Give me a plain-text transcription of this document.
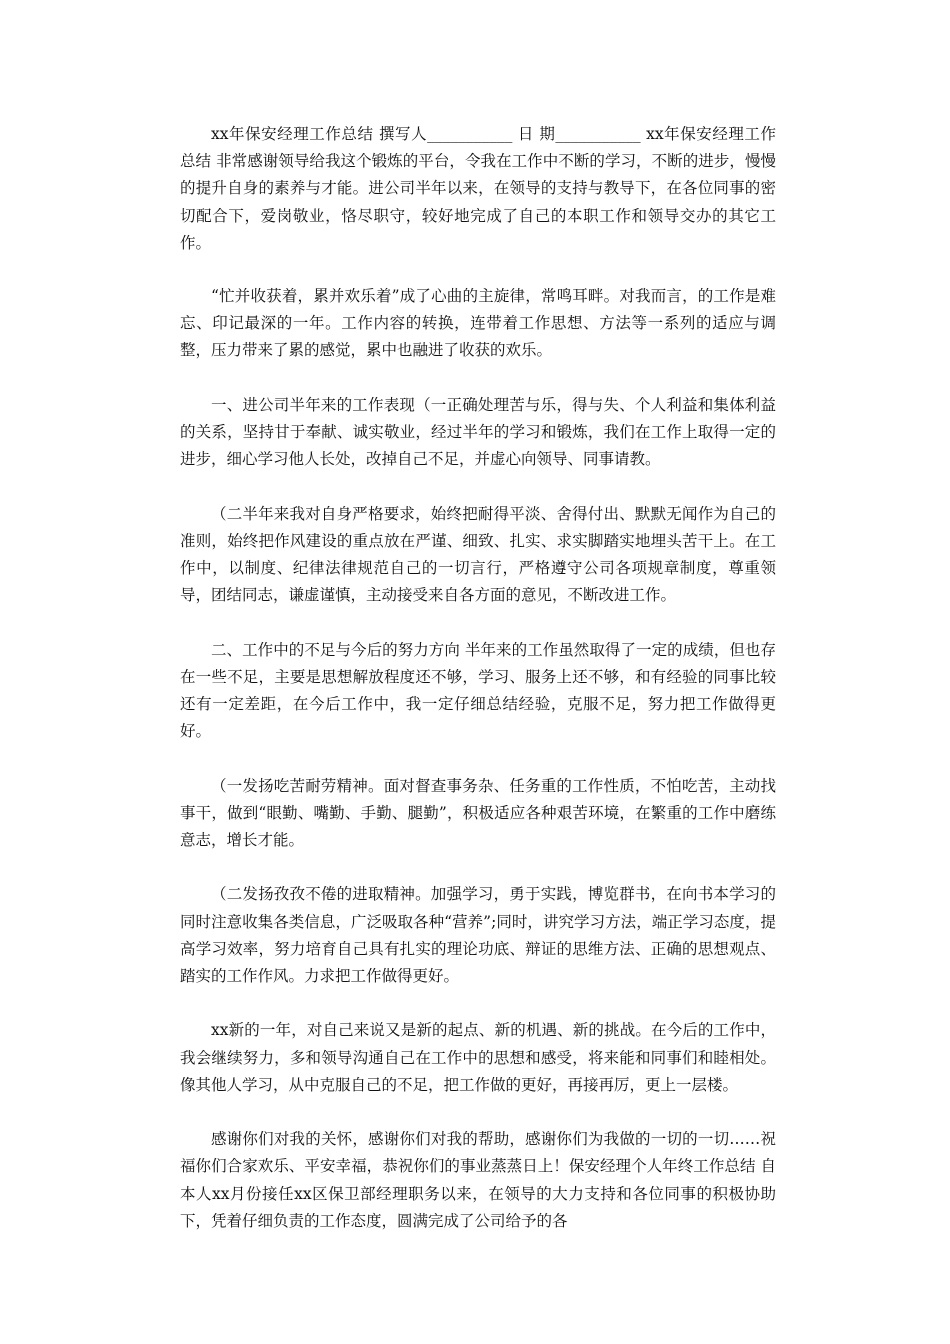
xx年保安经理工作总结 撰写人___________ 日 期___________ xx年保安经理工作总结 非常感谢领导给我这个锻炼的平台，令我在工作中不断的学习，不断的进步，慢慢的提升自身的素养与才能。进公司半年以来，在领导的支持与教导下，在各位同事的密切配合下，爱岗敬业，恪尽职守，较好地完成了自己的本职工作和领导交办的其它工作。

“忙并收获着，累并欢乐着”成了心曲的主旋律，常鸣耳畔。对我而言，的工作是难忘、印记最深的一年。工作内容的转换，连带着工作思想、方法等一系列的适应与调整，压力带来了累的感觉，累中也融进了收获的欢乐。

一、进公司半年来的工作表现（一正确处理苦与乐，得与失、个人利益和集体利益的关系，坚持甘于奉献、诚实敬业，经过半年的学习和锻炼，我们在工作上取得一定的进步，细心学习他人长处，改掉自己不足，并虚心向领导、同事请教。

（二半年来我对自身严格要求，始终把耐得平淡、舍得付出、默默无闻作为自己的准则，始终把作风建设的重点放在严谨、细致、扎实、求实脚踏实地埋头苦干上。在工作中，以制度、纪律法律规范自己的一切言行，严格遵守公司各项规章制度，尊重领导，团结同志，谦虚谨慎，主动接受来自各方面的意见，不断改进工作。

二、工作中的不足与今后的努力方向 半年来的工作虽然取得了一定的成绩，但也存在一些不足，主要是思想解放程度还不够，学习、服务上还不够，和有经验的同事比较还有一定差距，在今后工作中，我一定仔细总结经验，克服不足，努力把工作做得更好。

（一发扬吃苦耐劳精神。面对督查事务杂、任务重的工作性质，不怕吃苦，主动找事干，做到“眼勤、嘴勤、手勤、腿勤”，积极适应各种艰苦环境，在繁重的工作中磨练意志，增长才能。

（二发扬孜孜不倦的进取精神。加强学习，勇于实践，博览群书，在向书本学习的同时注意收集各类信息，广泛吸取各种“营养”;同时，讲究学习方法，端正学习态度，提高学习效率，努力培育自己具有扎实的理论功底、辩证的思维方法、正确的思想观点、踏实的工作作风。力求把工作做得更好。

xx新的一年，对自己来说又是新的起点、新的机遇、新的挑战。在今后的工作中，我会继续努力，多和领导沟通自己在工作中的思想和感受，将来能和同事们和睦相处。像其他人学习，从中克服自己的不足，把工作做的更好，再接再厉，更上一层楼。

感谢你们对我的关怀，感谢你们对我的帮助，感谢你们为我做的一切的一切……祝福你们合家欢乐、平安幸福，恭祝你们的事业蒸蒸日上！保安经理个人年终工作总结 自本人xx月份接任xx区保卫部经理职务以来，在领导的大力支持和各位同事的积极协助下，凭着仔细负责的工作态度，圆满完成了公司给予的各
